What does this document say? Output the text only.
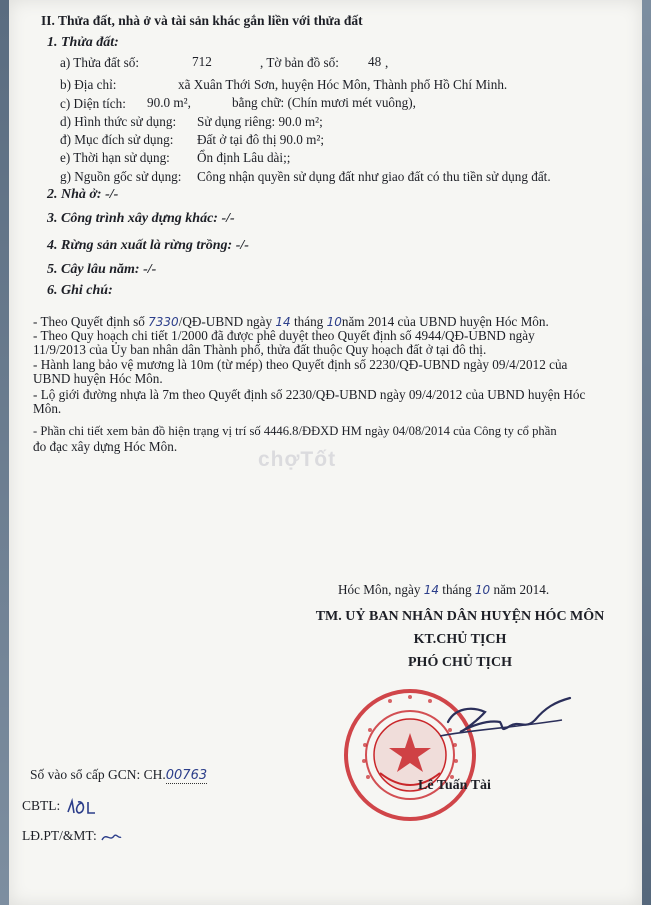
II. Thửa đất, nhà ở và tài sản khác gắn liền với thửa đất
1. Thửa đất:
a) Thửa đất số:	712	, Tờ bản đồ số: 48 ,
b) Địa chỉ:	xã Xuân Thới Sơn, huyện Hóc Môn, Thành phố Hồ Chí Minh.
c) Diện tích: 90.0 m²,	bằng chữ: (Chín mươi mét vuông),
d) Hình thức sử dụng: Sử dụng riêng: 90.0 m²;
đ) Mục đích sử dụng: Đất ở tại đô thị 90.0 m²;
e) Thời hạn sử dụng: Ổn định Lâu dài;;
g) Nguồn gốc sử dụng: Công nhận quyền sử dụng đất như giao đất có thu tiền sử dụng đất.
2. Nhà ở: -/-
3. Công trình xây dựng khác: -/-
4. Rừng sản xuất là rừng trồng: -/-
5. Cây lâu năm: -/-
6. Ghi chú:
- Theo Quyết định số 7330/QĐ-UBND ngày 14 tháng 10năm 2014 của UBND huyện Hóc Môn.
- Theo Quy hoạch chi tiết 1/2000 đã được phê duyệt theo Quyết định số 4944/QĐ-UBND ngày
11/9/2013 của Ủy ban nhân dân Thành phố, thửa đất thuộc Quy hoạch đất ở tại đô thị.
- Hành lang bảo vệ mương là 10m (từ mép) theo Quyết định số 2230/QĐ-UBND ngày 09/4/2012 của
UBND huyện Hóc Môn.
- Lộ giới đường nhựa là 7m theo Quyết định số 2230/QĐ-UBND ngày 09/4/2012 của UBND huyện Hóc
Môn.
- Phần chi tiết xem bản đồ hiện trạng vị trí số 4446.8/ĐĐXD HM ngày 04/08/2014 của Công ty cổ phần
đo đạc xây dựng Hóc Môn.
chợTốt
Hóc Môn, ngày 14 tháng 10 năm 2014.
TM. UỶ BAN NHÂN DÂN HUYỆN HÓC MÔN
KT.CHỦ TỊCH
PHÓ CHỦ TỊCH
Lê Tuấn Tài
Số vào sổ cấp GCN: CH.00763
CBTL:
LĐ.PT/&MT:
